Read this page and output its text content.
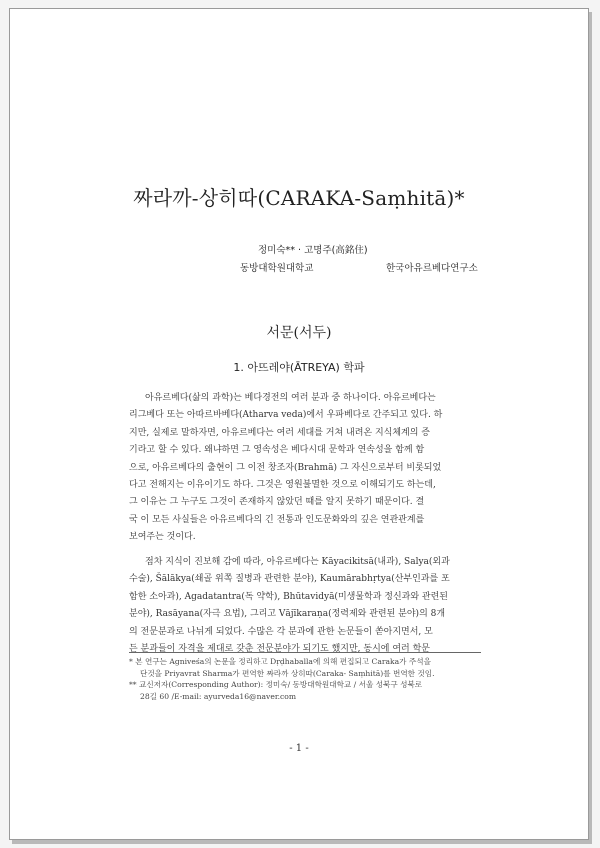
짜라까-상히따(CARAKA-Saṃhitā)*
정미숙** · 고명주(高銘住)
동방대학원대학교	한국아유르베다연구소
서문(서두)
1. 아뜨레야(ĀTREYA) 학파
아유르베다(삶의 과학)는 베다경전의 여러 분과 중 하나이다. 아유르베다는
리그베다 또는 아따르바베다(Atharva veda)에서 우파베다로 간주되고 있다. 하
지만, 실제로 말하자면, 아유르베다는 여러 세대를 거쳐 내려온 지식체계의 증
기라고 할 수 있다. 왜냐하면 그 영속성은 베다시대 문학과 연속성을 함께 함
으로, 아유르베다의 출현이 그 이전 창조자(Brahmā) 그 자신으로부터 비롯되었
다고 전해지는 이유이기도 하다. 그것은 영원불멸한 것으로 이해되기도 하는데,
그 이유는 그 누구도 그것이 존재하지 않았던 때를 알지 못하기 때문이다. 결
국 이 모든 사실들은 아유르베다의 긴 전통과 인도문화와의 깊은 연관관계를
보여주는 것이다.
점차 지식이 진보해 감에 따라, 아유르베다는 Kāyacikitsā(내과), Salya(외과
수술), Šālākya(쇄골 위쪽 질병과 관련한 분야), Kaumārabhṛtya(산부인과를 포
함한 소아과), Agadatantra(독 약학), Bhūtavidyā(미생물학과 정신과와 관련된
분야), Rasāyana(자극 요법), 그리고 Vājīkaraṇa(정력제와 관련된 분야)의 8개
의 전문분과로 나뉘게 되었다. 수많은 각 분과에 관한 논문들이 쏟아지면서, 모
든 분과들이 자격을 제대로 갖춘 전문분야가 되기도 했지만, 동시에 여러 학문
* 본 연구는 Agniveśa의 논문을 정리하고 Dṛḍhaballa에 의해 편집되고 Caraka가 주석을
단것을 Priyavrat Sharma가 편역한 짜라까 상히따(Caraka- Saṃhitā)를 번역한 것임.
** 교신저자(Corresponding Author): 정미숙/ 동방대학원대학교 / 서울 성북구 성북로
28길 60 /E-mail: ayurveda16@naver.com
- 1 -
